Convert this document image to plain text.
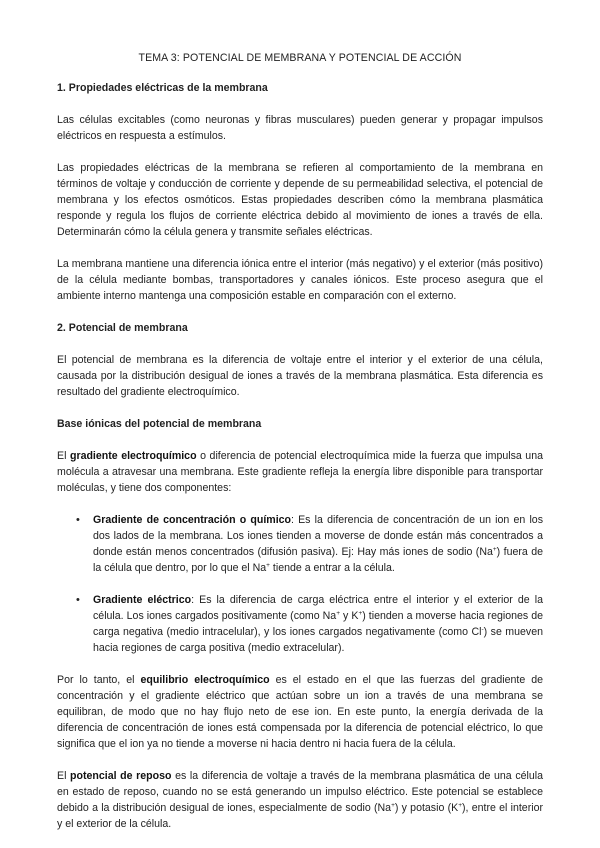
TEMA 3: POTENCIAL DE MEMBRANA Y POTENCIAL DE ACCIÓN
1. Propiedades eléctricas de la membrana

Las células excitables (como neuronas y fibras musculares) pueden generar y propagar impulsos eléctricos en respuesta a estímulos.

Las propiedades eléctricas de la membrana se refieren al comportamiento de la membrana en términos de voltaje y conducción de corriente y depende de su permeabilidad selectiva, el potencial de membrana y los efectos osmóticos. Estas propiedades describen cómo la membrana plasmática responde y regula los flujos de corriente eléctrica debido al movimiento de iones a través de ella. Determinarán cómo la célula genera y transmite señales eléctricas.

La membrana mantiene una diferencia iónica entre el interior (más negativo) y el exterior (más positivo) de la célula mediante bombas, transportadores y canales iónicos. Este proceso asegura que el ambiente interno mantenga una composición estable en comparación con el externo.

2. Potencial de membrana

El potencial de membrana es la diferencia de voltaje entre el interior y el exterior de una célula, causada por la distribución desigual de iones a través de la membrana plasmática. Esta diferencia es resultado del gradiente electroquímico.

Base iónicas del potencial de membrana

El gradiente electroquímico o diferencia de potencial electroquímica mide la fuerza que impulsa una molécula a atravesar una membrana. Este gradiente refleja la energía libre disponible para transportar moléculas, y tiene dos componentes:

• Gradiente de concentración o químico: Es la diferencia de concentración de un ion en los dos lados de la membrana. Los iones tienden a moverse de donde están más concentrados a donde están menos concentrados (difusión pasiva). Ej: Hay más iones de sodio (Na+) fuera de la célula que dentro, por lo que el Na+ tiende a entrar a la célula.
• Gradiente eléctrico: Es la diferencia de carga eléctrica entre el interior y el exterior de la célula. Los iones cargados positivamente (como Na+ y K+) tienden a moverse hacia regiones de carga negativa (medio intracelular), y los iones cargados negativamente (como Cl-) se mueven hacia regiones de carga positiva (medio extracelular).

Por lo tanto, el equilibrio electroquímico es el estado en el que las fuerzas del gradiente de concentración y el gradiente eléctrico que actúan sobre un ion a través de una membrana se equilibran, de modo que no hay flujo neto de ese ion. En este punto, la energía derivada de la diferencia de concentración de iones está compensada por la diferencia de potencial eléctrico, lo que significa que el ion ya no tiende a moverse ni hacia dentro ni hacia fuera de la célula.

El potencial de reposo es la diferencia de voltaje a través de la membrana plasmática de una célula en estado de reposo, cuando no se está generando un impulso eléctrico. Este potencial se establece debido a la distribución desigual de iones, especialmente de sodio (Na+) y potasio (K+), entre el interior y el exterior de la célula.
